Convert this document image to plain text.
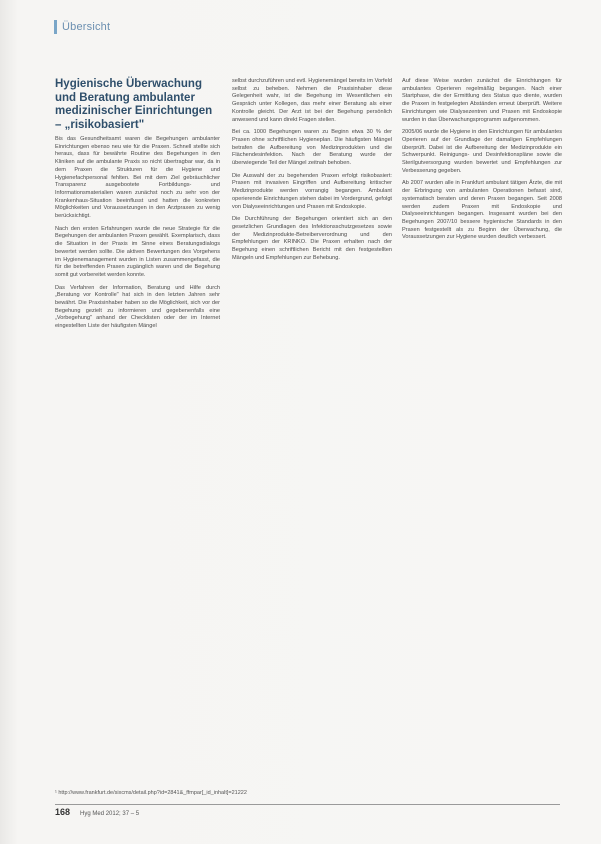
Übersicht
Hygienische Überwachung und Beratung ambulanter medizinischer Einrichtungen – „risikobasiert"

Bis das Gesundheitsamt waren die Begehungen ambulanter Einrichtungen ebenso neu wie für die Praxen. Schnell stellte sich heraus, dass für bewährte Routine des Begehungen in den Kliniken auf die ambulante Praxis so nicht übertragbar war, da in dem Praxen die Strukturen für die Hygiene und Hygienefachpersonal fehlten. Bei mit dem Ziel gebräuchlicher Transparenz ausgebootete Fortbildungs- und Informationsmaterialien waren zunächst noch zu sehr von der Krankenhaus-Situation beeinflusst und hatten die konkreten Möglichkeiten und Voraussetzungen in den Arztpraxen zu wenig berücksichtigt.

Nach den ersten Erfahrungen wurde die neue Strategie für die Begehungen der ambulanten Praxen gewählt. Exemplarisch, dass die Situation in der Praxis im Sinne eines Beratungsdialogs bewertet werden sollte. Die aktiven Bewertungen des Vorgehens im Hygienemanagement wurden in Listen zusammengefasst, die für die betreffenden Praxen zugänglich waren und die Begehung somit gut vorbereitet werden konnte.

Das Verfahren der Information, Beratung und Hilfe durch „Beratung vor Kontrolle" hat sich in den letzten Jahren sehr bewährt. Die Praxisinhaber haben so die Möglichkeit, sich vor der Begehung gezielt zu informieren und gegebenenfalls eine „Vorbegehung" anhand der Checklisten oder der im Internet eingestellten Liste der häufigsten Mängel

selbst durchzuführen und evtl. Hygienemängel bereits im Vorfeld selbst zu beheben. Nehmen die Praxisinhaber diese Gelegenheit wahr, ist die Begehung im Wesentlichen ein Gespräch unter Kollegen, das mehr einer Beratung als einer Kontrolle gleicht. Der Arzt ist bei der Begehung persönlich anwesend und kann direkt Fragen stellen.

Bei ca. 1000 Begehungen waren zu Beginn etwa 30 % der Praxen ohne schriftlichen Hygieneplan. Die häufigsten Mängel betrafen die Aufbereitung von Medizinprodukten und die Flächendesinfektion. Nach der Beratung wurde der überwiegende Teil der Mängel zeitnah behoben.

Die Auswahl der zu begehenden Praxen erfolgt risikobasiert: Praxen mit invasiven Eingriffen und Aufbereitung kritischer Medizinprodukte werden vorrangig begangen. Ambulant operierende Einrichtungen stehen dabei im Vordergrund, gefolgt von Dialyseeinrichtungen und Praxen mit Endoskopie.

Die Durchführung der Begehungen orientiert sich an den gesetzlichen Grundlagen des Infektionsschutzgesetzes sowie der Medizinprodukte-Betreiberverordnung und den Empfehlungen der KRINKO. Die Praxen erhalten nach der Begehung einen schriftlichen Bericht mit den festgestellten Mängeln und Empfehlungen zur Behebung.

Auf diese Weise wurden zunächst die Einrichtungen für ambulantes Operieren regelmäßig begangen. Nach einer Startphase, die der Ermittlung des Status quo diente, wurden die Praxen in festgelegten Abständen erneut überprüft. Weitere Einrichtungen wie Dialysezentren und Praxen mit Endoskopie wurden in das Überwachungsprogramm aufgenommen.

2005/06 wurde die Hygiene in den Einrichtungen für ambulantes Operieren auf der Grundlage der damaligen Empfehlungen überprüft. Dabei ist die Aufbereitung der Medizinprodukte ein Schwerpunkt. Reinigungs- und Desinfektionspläne sowie die Sterilgutversorgung wurden bewertet und Empfehlungen zur Verbesserung gegeben.

Ab 2007 wurden alle in Frankfurt ambulant tätigen Ärzte, die mit der Erbringung von ambulanten Operationen befasst sind, systematisch beraten und deren Praxen begangen. Seit 2008 werden zudem Praxen mit Endoskopie und Dialyseeinrichtungen begangen. Insgesamt wurden bei den Begehungen 2007/10 bessere hygienische Standards in den Praxen festgestellt als zu Beginn der Überwachung, die Voraussetzungen zur Hygiene wurden deutlich verbessert.

¹ http://www.frankfurt.de/sixcms/detail.php?id=2841&_ffmpar[_id_inhalt]=21222
168 Hyg Med 2012; 37 – 5
